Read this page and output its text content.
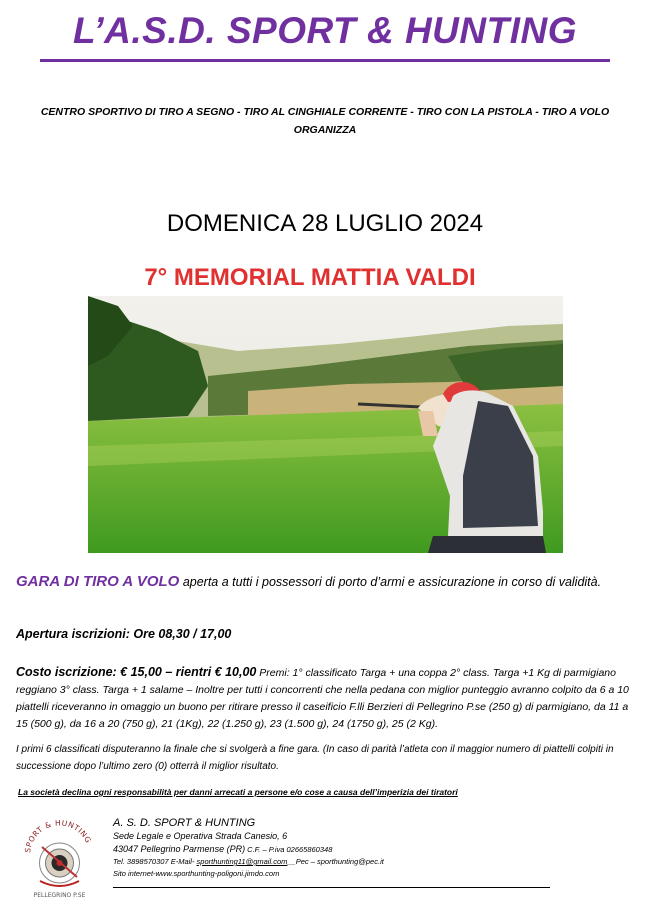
L’A.S.D. SPORT & HUNTING
CENTRO SPORTIVO DI TIRO A SEGNO - TIRO AL CINGHIALE CORRENTE - TIRO CON LA PISTOLA - TIRO A VOLO
ORGANIZZA
DOMENICA 28 LUGLIO 2024
7° MEMORIAL MATTIA VALDI
GARA DI TIRO A VOLO aperta a tutti i possessori di porto d’armi e assicurazione in corso di validità.
Apertura iscrizioni: Ore 08,30 / 17,00
Costo iscrizione: € 15,00 – rientri € 10,00 Premi: 1° classificato Targa + una coppa 2° class. Targa +1 Kg di parmigiano reggiano 3° class. Targa + 1 salame – Inoltre per tutti i concorrenti che nella pedana con miglior punteggio avranno colpito da 6 a 10 piattelli riceveranno in omaggio un buono per ritirare presso il caseificio F.lli Berzieri di Pellegrino P.se (250 g) di parmigiano, da 11 a 15 (500 g), da 16 a 20 (750 g), 21 (1Kg), 22 (1.250 g), 23 (1.500 g), 24 (1750 g), 25 (2 Kg).
I primi 6 classificati disputeranno la finale che si svolgerà a fine gara. (In caso di parità l’atleta con il maggior numero di piattelli colpiti in successione dopo l’ultimo zero (0) otterrà il miglior risultato.
La società declina ogni responsabilità per danni arrecati a persone e/o cose a causa dell’imperizia dei tiratori
SPORT & HUNTING
PELLEGRINO P.SE
A. S. D. SPORT & HUNTING
Sede Legale e Operativa Strada Canesio, 6
43047 Pellegrino Parmense (PR) C.F. – P.iva 02665860348
Tel. 3898570307 E-Mail- sporthunting11@gmail.com__Pec – sporthunting@pec.it
Sito internet-www.sporthunting-poligoni.jimdo.com
